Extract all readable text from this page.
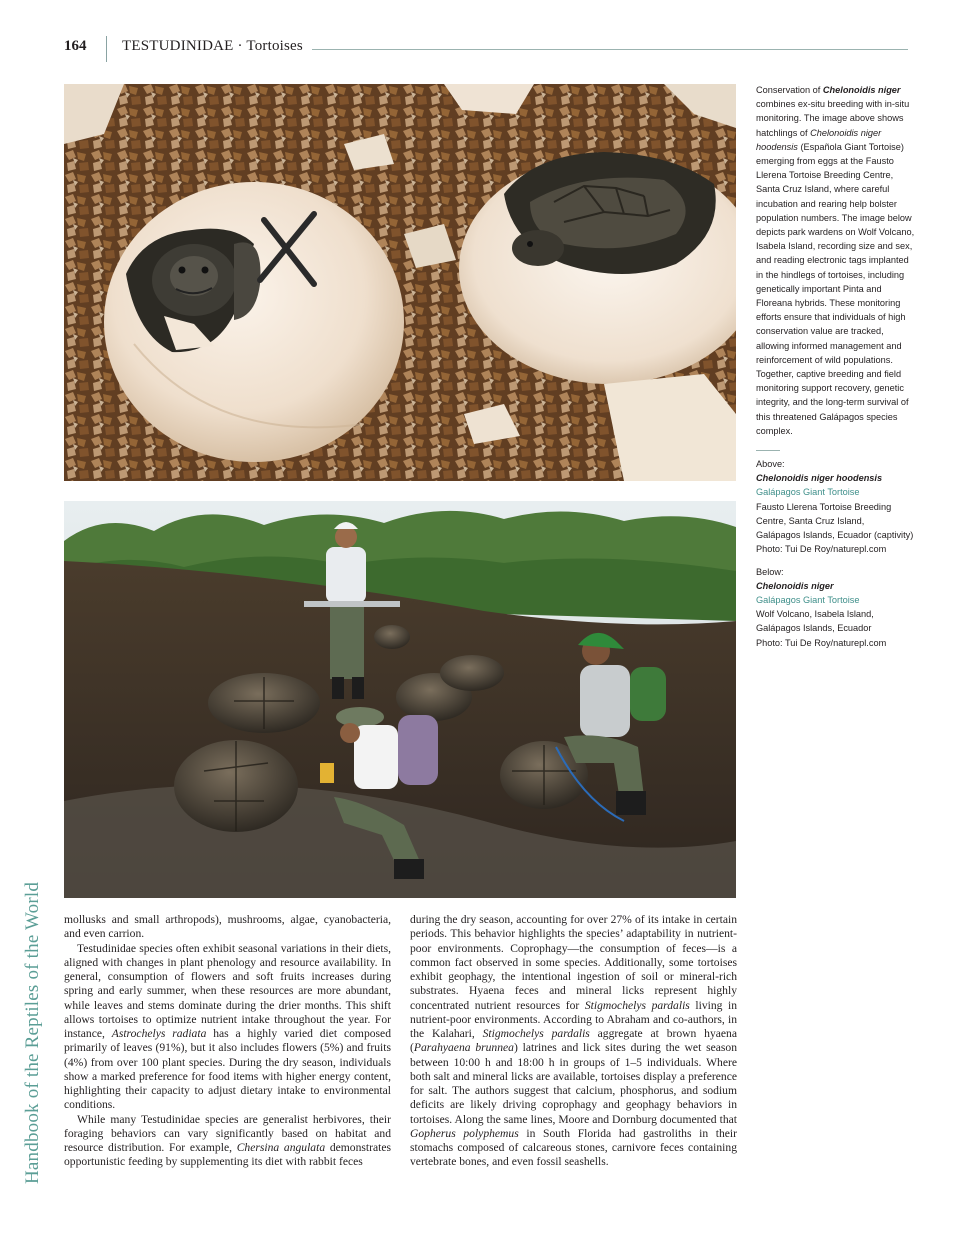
164 TESTUDINIDAE · Tortoises

Conservation of Chelonoidis niger combines ex-situ breeding with in-situ monitoring. The image above shows hatchlings of Chelonoidis niger hoodensis (Española Giant Tortoise) emerging from eggs at the Fausto Llerena Tortoise Breeding Centre, Santa Cruz Island, where careful incubation and rearing help bolster population numbers. The image below depicts park wardens on Wolf Volcano, Isabela Island, recording size and sex, and reading electronic tags implanted in the hindlegs of tortoises, including genetically important Pinta and Floreana hybrids. These monitoring efforts ensure that individuals of high conservation value are tracked, allowing informed management and reinforcement of wild populations. Together, captive breeding and field monitoring support recovery, genetic integrity, and the long-term survival of this threatened Galápagos species complex.

Above:
Chelonoidis niger hoodensis
Galápagos Giant Tortoise
Fausto Llerena Tortoise Breeding
Centre, Santa Cruz Island,
Galápagos Islands, Ecuador (captivity)
Photo: Tui De Roy/naturepl.com
Below:
Chelonoidis niger
Galápagos Giant Tortoise
Wolf Volcano, Isabela Island,
Galápagos Islands, Ecuador
Photo: Tui De Roy/naturepl.com
Handbook of the Reptiles of the World mollusks and small arthropods), mushrooms, algae, cyanobacteria, and even carrion.

Testudinidae species often exhibit seasonal variations in their diets, aligned with changes in plant phenology and resource availability. In general, consumption of flowers and soft fruits increases during spring and early summer, when these resources are more abundant, while leaves and stems dominate during the drier months. This shift allows tortoises to optimize nutrient intake throughout the year. For instance, Astrochelys radiata has a highly varied diet composed primarily of leaves (91%), but it also includes flowers (5%) and fruits (4%) from over 100 plant species. During the dry season, individuals show a marked preference for food items with higher energy content, highlighting their capacity to adjust dietary intake to environmental conditions.

While many Testudinidae species are generalist herbivores, their foraging behaviors can vary significantly based on habitat and resource distribution. For example, Chersina angulata demonstrates opportunistic feeding by supplementing its diet with rabbit feces

during the dry season, accounting for over 27% of its intake in certain periods. This behavior highlights the species’ adaptability in nutrient-poor environments. Coprophagy—the consumption of feces—is a common fact observed in some species. Additionally, some tortoises exhibit geophagy, the intentional ingestion of soil or mineral-rich substrates. Hyaena feces and mineral licks represent highly concentrated nutrient resources for Stigmochelys pardalis living in nutrient-poor environments. According to Abraham and co-authors, in the Kalahari, Stigmochelys pardalis aggregate at brown hyaena (Parahyaena brunnea) latrines and lick sites during the wet season between 10:00 h and 18:00 h in groups of 1–5 individuals. Where both salt and mineral licks are available, tortoises display a preference for salt. The authors suggest that calcium, phosphorus, and sodium deficits are likely driving coprophagy and geophagy behaviors in tortoises. Along the same lines, Moore and Dornburg documented that Gopherus polyphemus in South Florida had gastroliths in their stomachs composed of calcareous stones, carnivore feces containing vertebrate bones, and even fossil seashells.
